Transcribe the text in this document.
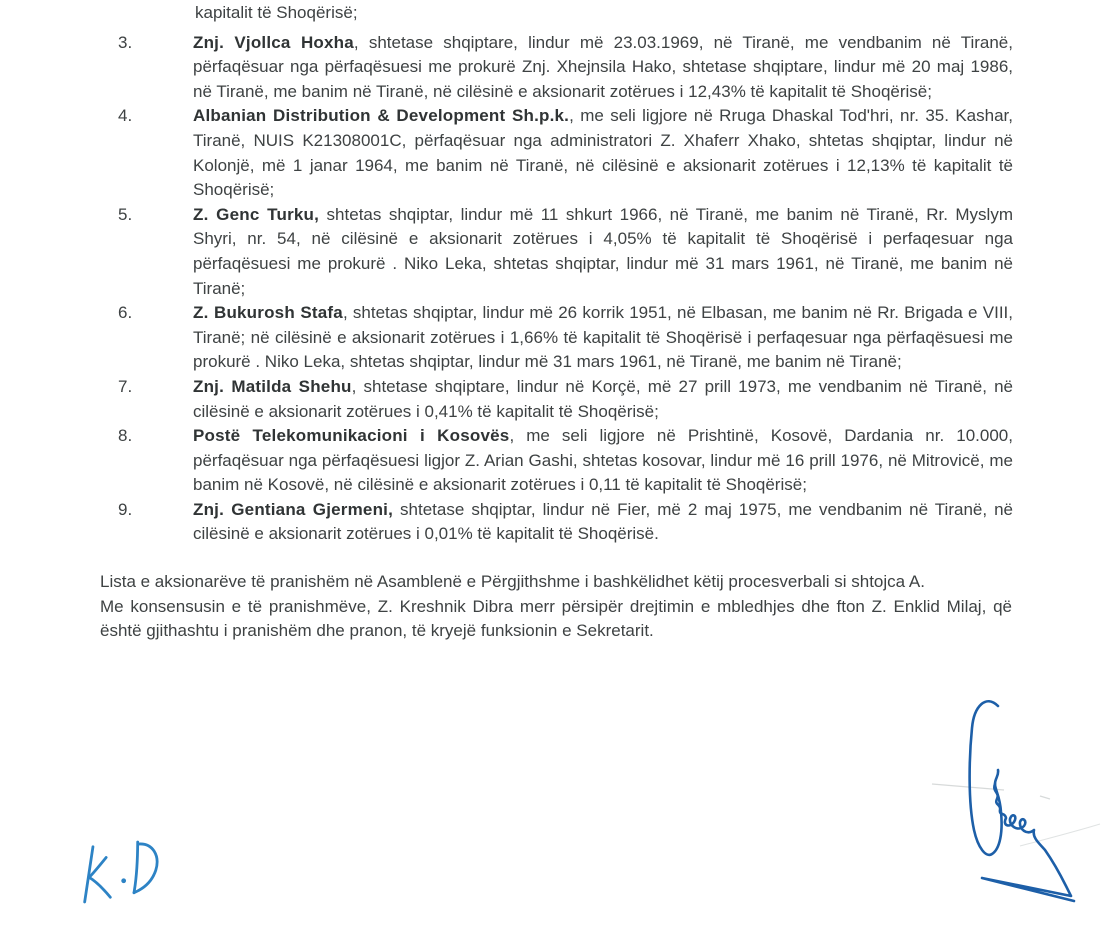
kapitalit të Shoqërisë;
3.	Znj. Vjollca Hoxha, shtetase shqiptare, lindur më 23.03.1969, në Tiranë, me vendbanim në Tiranë, përfaqësuar nga përfaqësuesi me prokurë Znj. Xhejnsila Hako, shtetase shqiptare, lindur më 20 maj 1986, në Tiranë, me banim në Tiranë, në cilësinë e aksionarit zotërues i 12,43% të kapitalit të Shoqërisë;
4.	Albanian Distribution & Development Sh.p.k., me seli ligjore në Rruga Dhaskal Tod'hri, nr. 35. Kashar, Tiranë, NUIS K21308001C, përfaqësuar nga administratori Z. Xhaferr Xhako, shtetas shqiptar, lindur në Kolonjë, më 1 janar 1964, me banim në Tiranë, në cilësinë e aksionarit zotërues i 12,13% të kapitalit të Shoqërisë;
5.	Z. Genc Turku, shtetas shqiptar, lindur më 11 shkurt 1966, në Tiranë, me banim në Tiranë, Rr. Myslym Shyri, nr. 54, në cilësinë e aksionarit zotërues i 4,05% të kapitalit të Shoqërisë i perfaqesuar nga përfaqësuesi me prokurë . Niko Leka, shtetas shqiptar, lindur më 31 mars 1961, në Tiranë, me banim në Tiranë;
6.	Z. Bukurosh Stafa, shtetas shqiptar, lindur më 26 korrik 1951, në Elbasan, me banim në Rr. Brigada e VIII, Tiranë; në cilësinë e aksionarit zotërues i 1,66% të kapitalit të Shoqërisë i perfaqesuar nga përfaqësuesi me prokurë . Niko Leka, shtetas shqiptar, lindur më 31 mars 1961, në Tiranë, me banim në Tiranë;
7.	Znj. Matilda Shehu, shtetase shqiptare, lindur në Korçë, më 27 prill 1973, me vendbanim në Tiranë, në cilësinë e aksionarit zotërues i 0,41% të kapitalit të Shoqërisë;
8.	Postë Telekomunikacioni i Kosovës, me seli ligjore në Prishtinë, Kosovë, Dardania nr. 10.000, përfaqësuar nga përfaqësuesi ligjor Z. Arian Gashi, shtetas kosovar, lindur më 16 prill 1976, në Mitrovicë, me banim në Kosovë, në cilësinë e aksionarit zotërues i 0,11 të kapitalit të Shoqërisë;
9.	Znj. Gentiana Gjermeni, shtetase shqiptar, lindur në Fier, më 2 maj 1975, me vendbanim në Tiranë, në cilësinë e aksionarit zotërues i 0,01% të kapitalit të Shoqërisë.
Lista e aksionarëve të pranishëm në Asamblenë e Përgjithshme i bashkëlidhet këtij procesverbali si shtojca A.
Me konsensusin e të pranishmëve, Z. Kreshnik Dibra merr përsipër drejtimin e mbledhjes dhe fton Z. Enklid Milaj, që është gjithashtu i pranishëm dhe pranon, të kryejë funksionin e Sekretarit.
